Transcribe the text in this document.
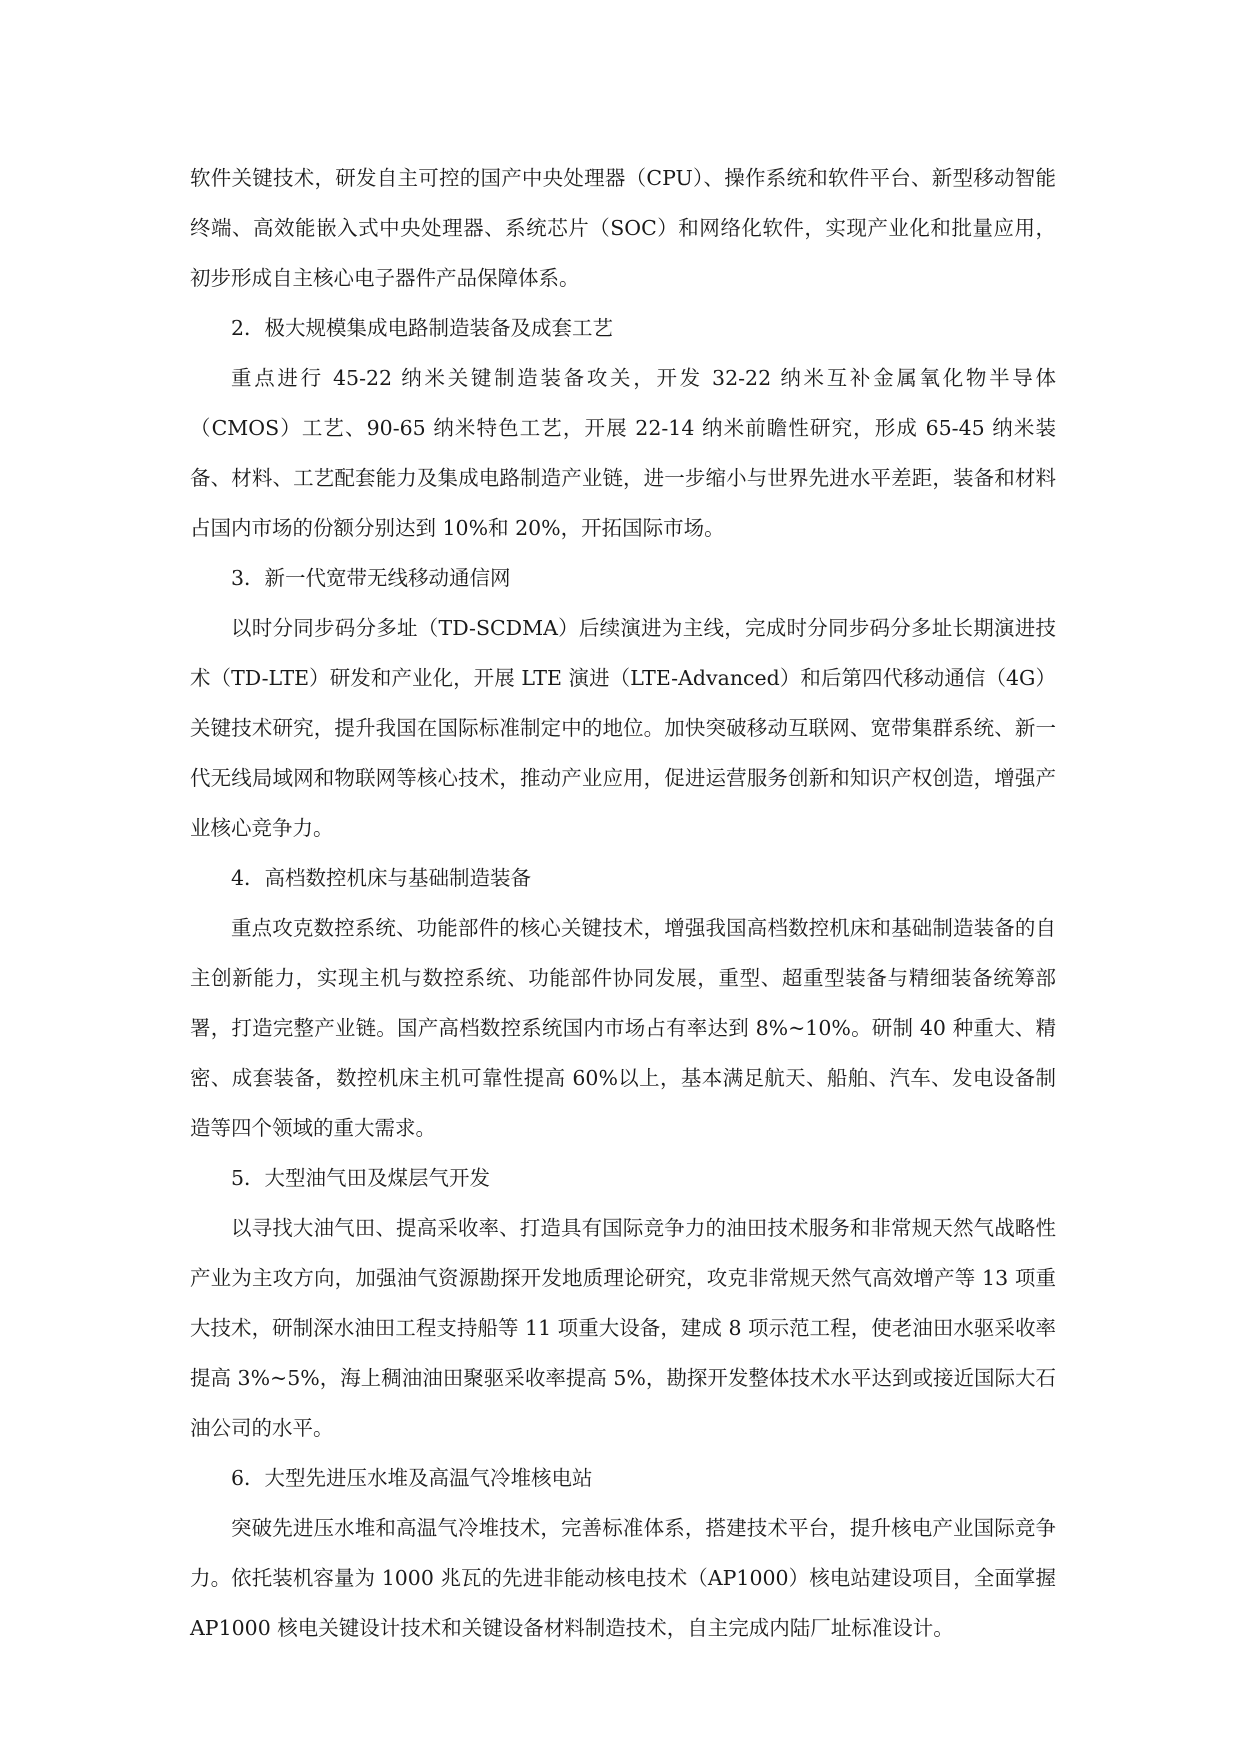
软件关键技术，研发自主可控的国产中央处理器（CPU）、操作系统和软件平台、新型移动智能终端、高效能嵌入式中央处理器、系统芯片（SOC）和网络化软件，实现产业化和批量应用，初步形成自主核心电子器件产品保障体系。

2．极大规模集成电路制造装备及成套工艺

重点进行 45-22 纳米关键制造装备攻关，开发 32-22 纳米互补金属氧化物半导体（CMOS）工艺、90-65 纳米特色工艺，开展 22-14 纳米前瞻性研究，形成 65-45 纳米装备、材料、工艺配套能力及集成电路制造产业链，进一步缩小与世界先进水平差距，装备和材料占国内市场的份额分别达到 10%和 20%，开拓国际市场。

3．新一代宽带无线移动通信网

以时分同步码分多址（TD-SCDMA）后续演进为主线，完成时分同步码分多址长期演进技术（TD-LTE）研发和产业化，开展 LTE 演进（LTE-Advanced）和后第四代移动通信（4G）关键技术研究，提升我国在国际标准制定中的地位。加快突破移动互联网、宽带集群系统、新一代无线局域网和物联网等核心技术，推动产业应用，促进运营服务创新和知识产权创造，增强产业核心竞争力。

4．高档数控机床与基础制造装备

重点攻克数控系统、功能部件的核心关键技术，增强我国高档数控机床和基础制造装备的自主创新能力，实现主机与数控系统、功能部件协同发展，重型、超重型装备与精细装备统筹部署，打造完整产业链。国产高档数控系统国内市场占有率达到 8%~10%。研制 40 种重大、精密、成套装备，数控机床主机可靠性提高 60%以上，基本满足航天、船舶、汽车、发电设备制造等四个领域的重大需求。

5．大型油气田及煤层气开发

以寻找大油气田、提高采收率、打造具有国际竞争力的油田技术服务和非常规天然气战略性产业为主攻方向，加强油气资源勘探开发地质理论研究，攻克非常规天然气高效增产等 13 项重大技术，研制深水油田工程支持船等 11 项重大设备，建成 8 项示范工程，使老油田水驱采收率提高 3%~5%，海上稠油油田聚驱采收率提高 5%，勘探开发整体技术水平达到或接近国际大石油公司的水平。

6．大型先进压水堆及高温气冷堆核电站

突破先进压水堆和高温气冷堆技术，完善标准体系，搭建技术平台，提升核电产业国际竞争力。依托装机容量为 1000 兆瓦的先进非能动核电技术（AP1000）核电站建设项目，全面掌握 AP1000 核电关键设计技术和关键设备材料制造技术，自主完成内陆厂址标准设计。
